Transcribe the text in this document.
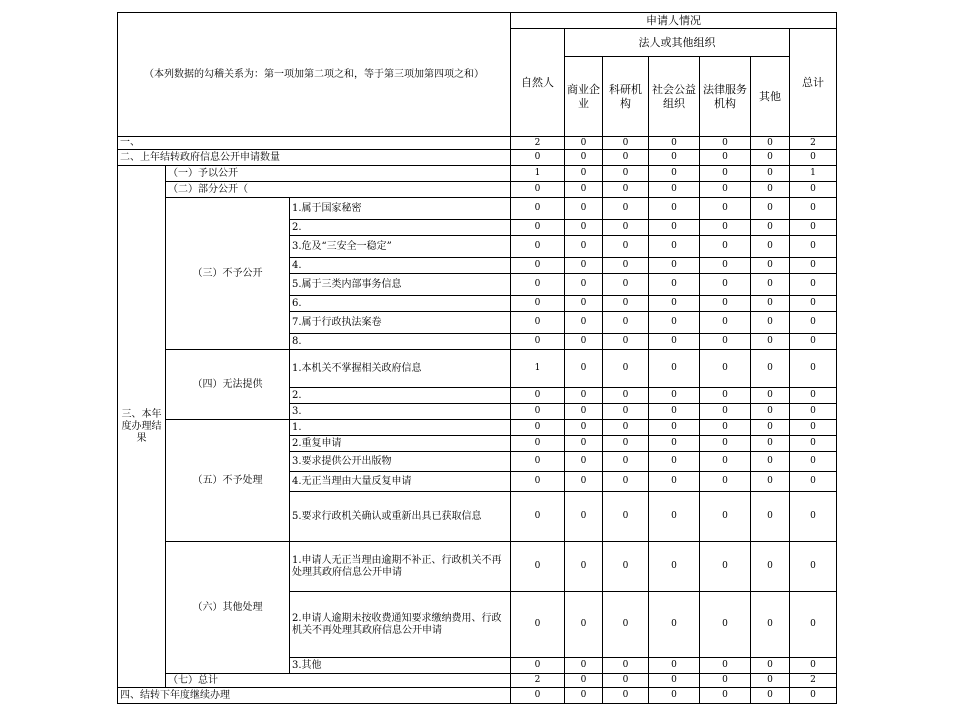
（本列数据的勾稽关系为：第一项加第二项之和，等于第三项加第四项之和）			申请人情况						
			自然人	法人或其他组织					总计
				商业企业	科研机构	社会公益组织	法律服务机构	其他	
一、			2	0	0	0	0	0	2
二、上年结转政府信息公开申请数量			0	0	0	0	0	0	0
三、本年度办理结果	（一）予以公开		1	0	0	0	0	0	1
	（二）部分公开（		0	0	0	0	0	0	0
	（三）不予公开	1.属于国家秘密	0	0	0	0	0	0	0
		2.	0	0	0	0	0	0	0
		3.危及“三安全一稳定”	0	0	0	0	0	0	0
		4.	0	0	0	0	0	0	0
		5.属于三类内部事务信息	0	0	0	0	0	0	0
		6.	0	0	0	0	0	0	0
		7.属于行政执法案卷	0	0	0	0	0	0	0
		8.	0	0	0	0	0	0	0
	（四）无法提供	1.本机关不掌握相关政府信息	1	0	0	0	0	0	0
		2.	0	0	0	0	0	0	0
		3.	0	0	0	0	0	0	0
	（五）不予处理	1.	0	0	0	0	0	0	0
		2.重复申请	0	0	0	0	0	0	0
		3.要求提供公开出版物	0	0	0	0	0	0	0
		4.无正当理由大量反复申请	0	0	0	0	0	0	0
		5.要求行政机关确认或重新出具已获取信息	0	0	0	0	0	0	0
	（六）其他处理	1.申请人无正当理由逾期不补正、行政机关不再处理其政府信息公开申请	0	0	0	0	0	0	0
		2.申请人逾期未按收费通知要求缴纳费用、行政机关不再处理其政府信息公开申请	0	0	0	0	0	0	0
		3.其他	0	0	0	0	0	0	0
	（七）总计		2	0	0	0	0	0	2
四、结转下年度继续办理			0	0	0	0	0	0	0
